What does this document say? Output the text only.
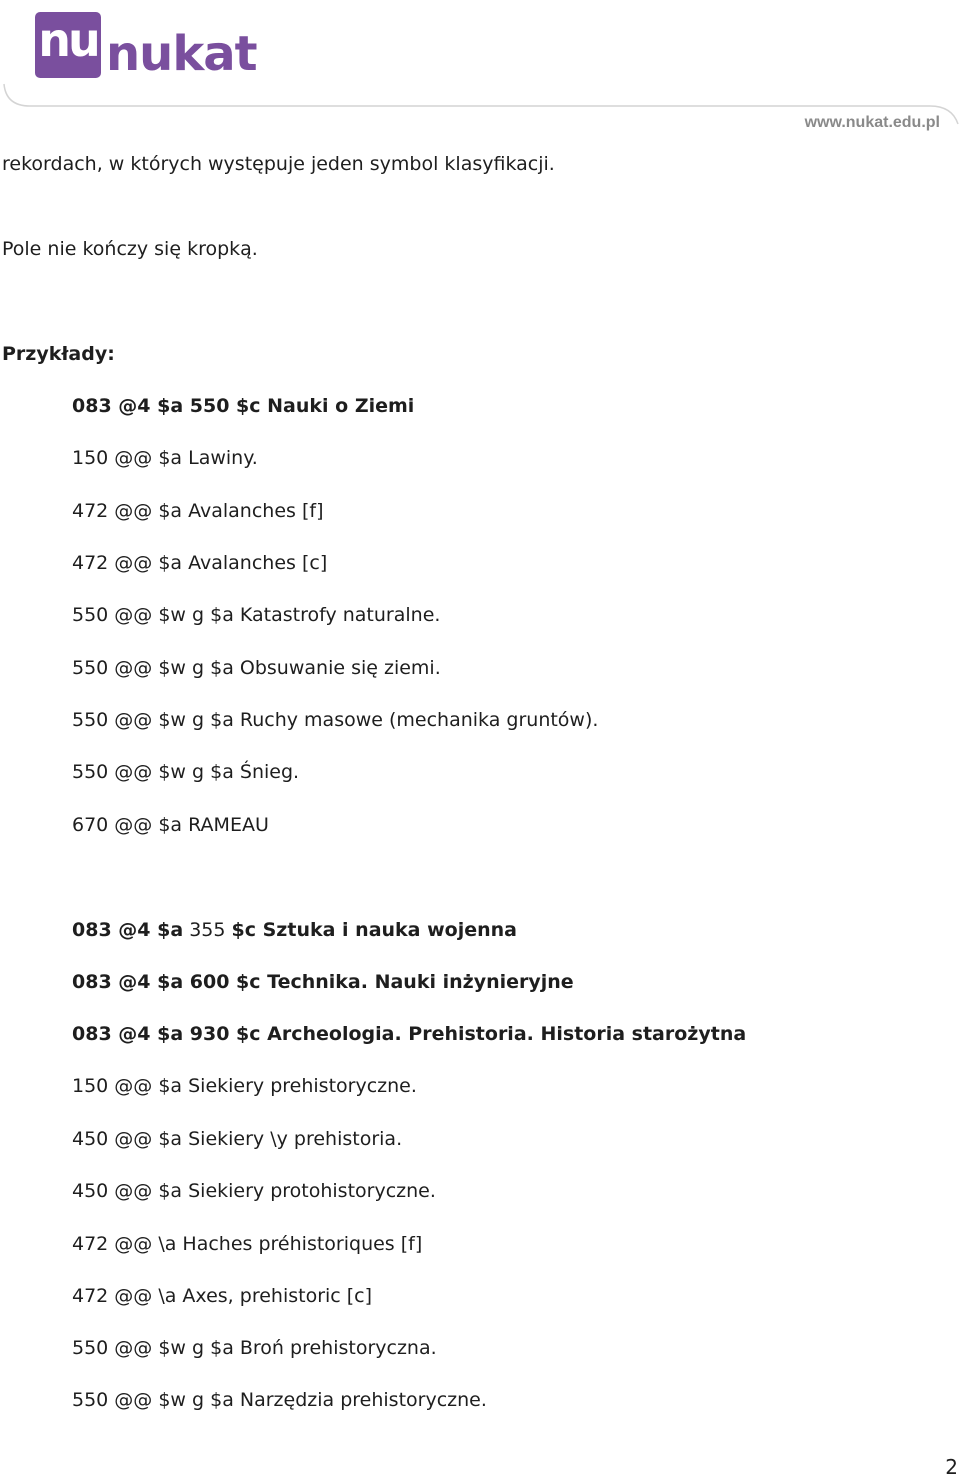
nu nukat
www.nukat.edu.pl
rekordach, w których występuje jeden symbol klasyfikacji.
Pole nie kończy się kropką.
Przykłady:
083 @4 $a 550 $c Nauki o Ziemi
150 @@ $a Lawiny.
472 @@ $a Avalanches [f]
472 @@ $a Avalanches [c]
550 @@ $w g $a Katastrofy naturalne.
550 @@ $w g $a Obsuwanie się ziemi.
550 @@ $w g $a Ruchy masowe (mechanika gruntów).
550 @@ $w g $a Śnieg.
670 @@ $a RAMEAU
083 @4 $a 355 $c Sztuka i nauka wojenna
083 @4 $a 600 $c Technika. Nauki inżynieryjne
083 @4 $a 930 $c Archeologia. Prehistoria. Historia starożytna
150 @@ $a Siekiery prehistoryczne.
450 @@ $a Siekiery \y prehistoria.
450 @@ $a Siekiery protohistoryczne.
472 @@ \a Haches préhistoriques [f]
472 @@ \a Axes, prehistoric [c]
550 @@ $w g $a Broń prehistoryczna.
550 @@ $w g $a Narzędzia prehistoryczne.
2
